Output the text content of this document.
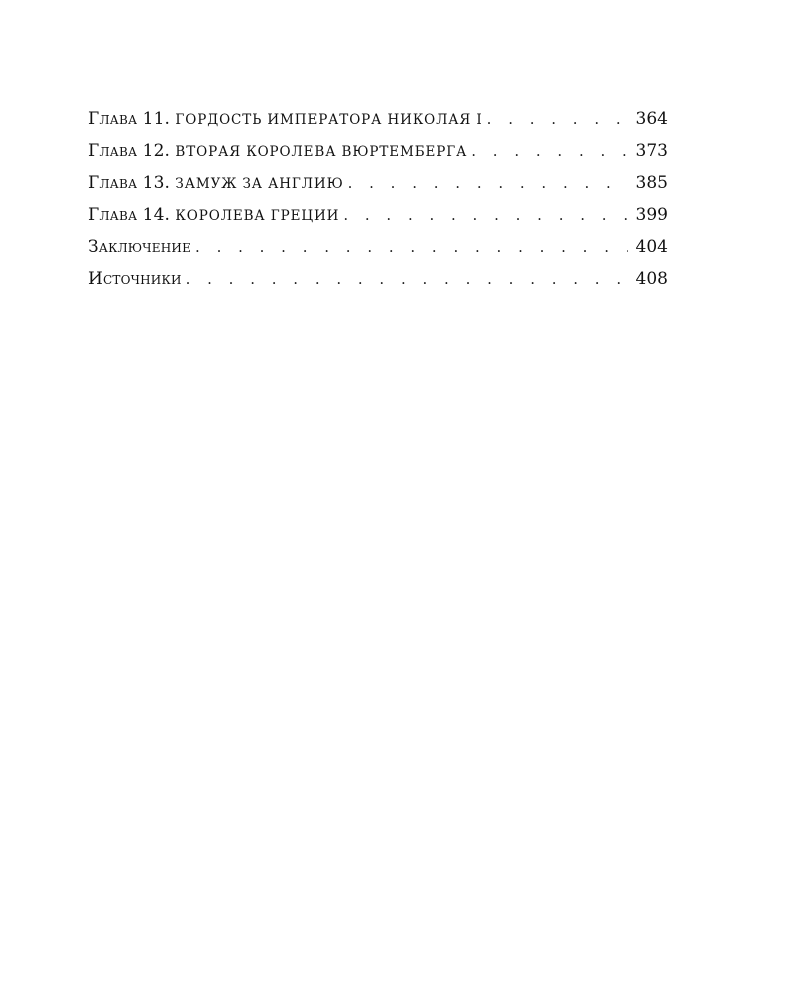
Глава 11. ГОРДОСТЬ ИМПЕРАТОРА НИКОЛАЯ I . . .	364
Глава 12. ВТОРАЯ КОРОЛЕВА ВЮРТЕМБЕРГА . . .	373
Глава 13. ЗАМУЖ ЗА АНГЛИЮ . . .	385
Глава 14. КОРОЛЕВА ГРЕЦИИ . . .	399
Заключение . . .	404
Источники . . .	408
